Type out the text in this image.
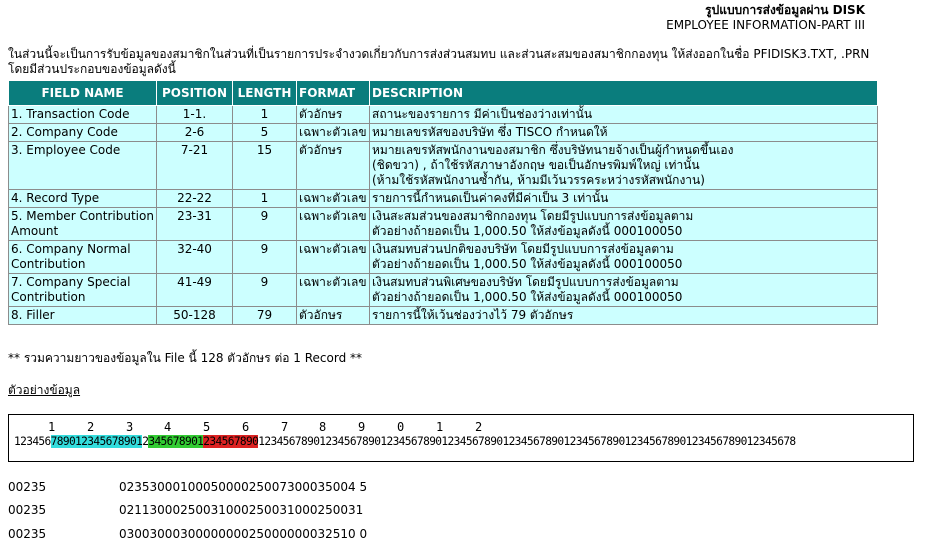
รูปแบบการส่งข้อมูลผ่าน DISK
EMPLOYEE INFORMATION-PART III
ในส่วนนี้จะเป็นการรับข้อมูลของสมาชิกในส่วนที่เป็นรายการประจำงวดเกี่ยวกับการส่งส่วนสมทบ และส่วนสะสมของสมาชิกกองทุน ให้ส่งออกในชื่อ PFIDISK3.TXT, .PRN
โดยมีส่วนประกอบของข้อมูลดังนี้
FIELD NAME	POSITION	LENGTH	FORMAT	DESCRIPTION
1. Transaction Code	1-1.	1	ตัวอักษร	สถานะของรายการ มีค่าเป็นช่องว่างเท่านั้น

2. Company Code	2-6	5	เฉพาะตัวเลข	หมายเลขรหัสของบริษัท ซึ่ง TISCO กำหนดให้

3. Employee Code	7-21	15	ตัวอักษร	หมายเลขรหัสพนักงานของสมาชิก ซึ่งบริษัทนายจ้างเป็นผู้กำหนดขึ้นเอง
(ชิดขวา) , ถ้าใช้รหัสภาษาอังกฤษ ขอเป็นอักษรพิมพ์ใหญ่ เท่านั้น
(ห้ามใช้รหัสพนักงานซ้ำกัน, ห้ามมีเว้นวรรคระหว่างรหัสพนักงาน)

4. Record Type	22-22	1	เฉพาะตัวเลข	รายการนี้กำหนดเป็นค่าคงที่มีค่าเป็น 3 เท่านั้น

5. Member Contribution Amount	23-31	9	เฉพาะตัวเลข	เงินสะสมส่วนของสมาชิกกองทุน โดยมีรูปแบบการส่งข้อมูลตาม
ตัวอย่างถ้ายอดเป็น 1,000.50 ให้ส่งข้อมูลดังนี้ 000100050

6. Company Normal Contribution	32-40	9	เฉพาะตัวเลข	เงินสมทบส่วนปกติของบริษัท โดยมีรูปแบบการส่งข้อมูลตาม
ตัวอย่างถ้ายอดเป็น 1,000.50 ให้ส่งข้อมูลดังนี้ 000100050

7. Company Special Contribution	41-49	9	เฉพาะตัวเลข	เงินสมทบส่วนพิเศษของบริษัท โดยมีรูปแบบการส่งข้อมูลตาม
ตัวอย่างถ้ายอดเป็น 1,000.50 ให้ส่งข้อมูลดังนี้ 000100050

8. Filler	50-128	79	ตัวอักษร	รายการนี้ให้เว้นช่องว่างไว้ 79 ตัวอักษร
** รวมความยาวของข้อมูลใน File นี้ 128 ตัวอักษร ต่อ 1 Record **
ตัวอย่างข้อมูล
1	2	3	4	5	6	7	8	9	0	1	2
12345678901234567890123456789012345678901234567890123456789012345678901234567890123456789012345678901234567890123456789012345678
00235	0235300010005000025007300035004 5
00235	02113000250031000250031000250031
00235	0300300030000000025000000032510 0
